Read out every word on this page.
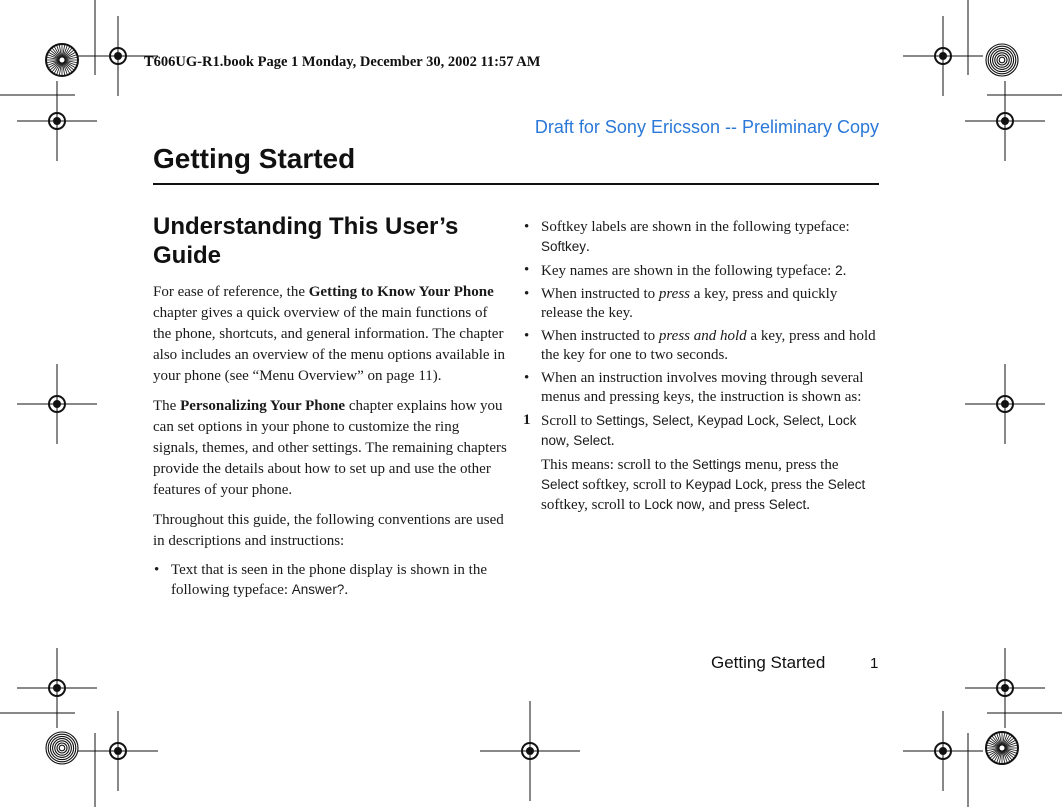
T606UG-R1.book Page 1 Monday, December 30, 2002 11:57 AM
Draft for Sony Ericsson -- Preliminary Copy
Getting Started
Understanding This User’s Guide

For ease of reference, the Getting to Know Your Phone chapter gives a quick overview of the main functions of the phone, shortcuts, and general information. The chapter also includes an overview of the menu options available in your phone (see “Menu Overview” on page 11).

The Personalizing Your Phone chapter explains how you can set options in your phone to customize the ring signals, themes, and other settings. The remaining chapters provide the details about how to set up and use the other features of your phone.

Throughout this guide, the following conventions are used in descriptions and instructions:

• Text that is seen in the phone display is shown in the following typeface: Answer?.
• Softkey labels are shown in the following typeface: Softkey.
• Key names are shown in the following typeface: 2.
• When instructed to press a key, press and quickly release the key.
• When instructed to press and hold a key, press and hold the key for one to two seconds.
• When an instruction involves moving through several menus and pressing keys, the instruction is shown as:
1 Scroll to Settings, Select, Keypad Lock, Select, Lock now, Select.
This means: scroll to the Settings menu, press the Select softkey, scroll to Keypad Lock, press the Select softkey, scroll to Lock now, and press Select.
Getting Started	1
